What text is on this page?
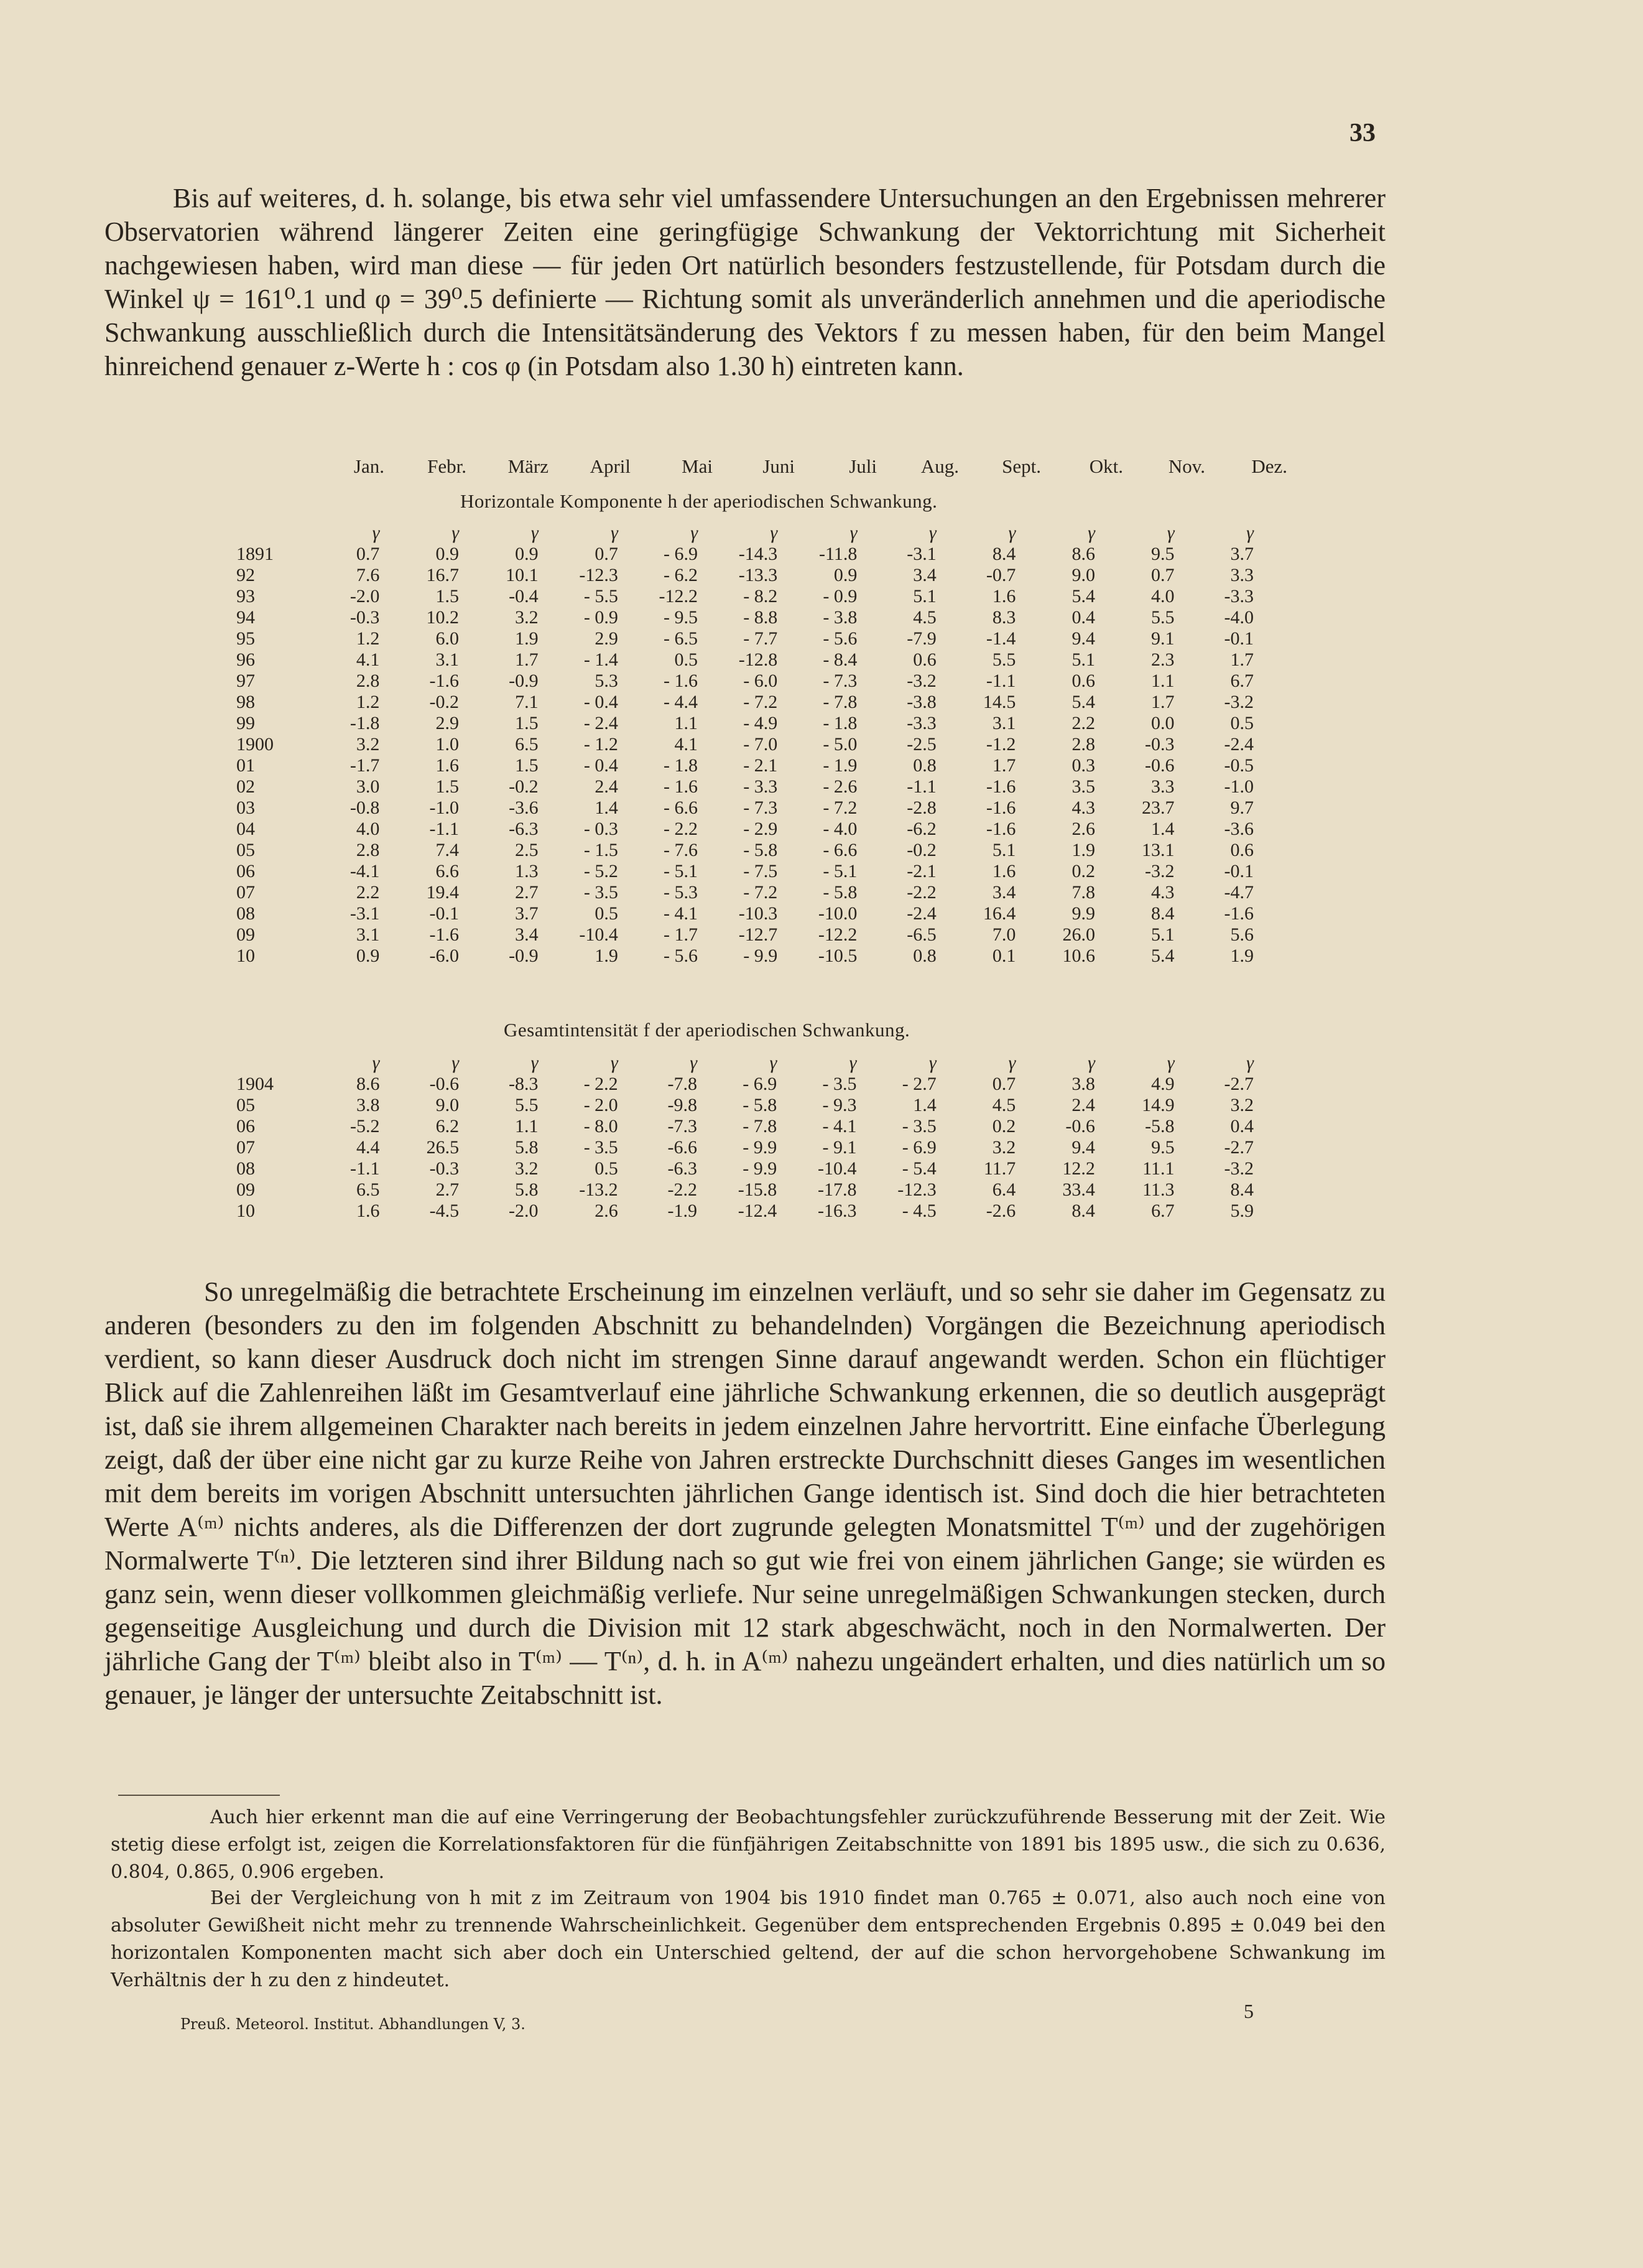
33

Bis auf weiteres, d. h. solange, bis etwa sehr viel umfassendere Untersuchungen an den Ergebnissen mehrerer Observatorien während längerer Zeiten eine geringfügige Schwankung der Vektorrichtung mit Sicherheit nachgewiesen haben, wird man diese — für jeden Ort natürlich besonders festzustellende, für Potsdam durch die Winkel ψ = 161⁰.1 und φ = 39⁰.5 definierte — Richtung somit als unveränderlich annehmen und die aperiodische Schwankung ausschließlich durch die Intensitätsänderung des Vektors f zu messen haben, für den beim Mangel hinreichend genauer z-Werte h : cos φ (in Potsdam also 1.30 h) eintreten kann.

	Jan.	Febr.	März	April	Mai	Juni	Juli	Aug.	Sept.	Okt.	Nov.	Dez.
Horizontale Komponente h der aperiodischen Schwankung.
	γ	γ	γ	γ	γ	γ	γ	γ	γ	γ	γ	γ
1891	0.7	0.9	0.9	0.7	- 6.9	-14.3	-11.8	-3.1	8.4	8.6	9.5	3.7
92	7.6	16.7	10.1	-12.3	- 6.2	-13.3	0.9	3.4	-0.7	9.0	0.7	3.3
93	-2.0	1.5	-0.4	- 5.5	-12.2	- 8.2	- 0.9	5.1	1.6	5.4	4.0	-3.3
94	-0.3	10.2	3.2	- 0.9	- 9.5	- 8.8	- 3.8	4.5	8.3	0.4	5.5	-4.0
95	1.2	6.0	1.9	2.9	- 6.5	- 7.7	- 5.6	-7.9	-1.4	9.4	9.1	-0.1
96	4.1	3.1	1.7	- 1.4	0.5	-12.8	- 8.4	0.6	5.5	5.1	2.3	1.7
97	2.8	-1.6	-0.9	5.3	- 1.6	- 6.0	- 7.3	-3.2	-1.1	0.6	1.1	6.7
98	1.2	-0.2	7.1	- 0.4	- 4.4	- 7.2	- 7.8	-3.8	14.5	5.4	1.7	-3.2
99	-1.8	2.9	1.5	- 2.4	1.1	- 4.9	- 1.8	-3.3	3.1	2.2	0.0	0.5
1900	3.2	1.0	6.5	- 1.2	4.1	- 7.0	- 5.0	-2.5	-1.2	2.8	-0.3	-2.4
01	-1.7	1.6	1.5	- 0.4	- 1.8	- 2.1	- 1.9	0.8	1.7	0.3	-0.6	-0.5
02	3.0	1.5	-0.2	2.4	- 1.6	- 3.3	- 2.6	-1.1	-1.6	3.5	3.3	-1.0
03	-0.8	-1.0	-3.6	1.4	- 6.6	- 7.3	- 7.2	-2.8	-1.6	4.3	23.7	9.7
04	4.0	-1.1	-6.3	- 0.3	- 2.2	- 2.9	- 4.0	-6.2	-1.6	2.6	1.4	-3.6
05	2.8	7.4	2.5	- 1.5	- 7.6	- 5.8	- 6.6	-0.2	5.1	1.9	13.1	0.6
06	-4.1	6.6	1.3	- 5.2	- 5.1	- 7.5	- 5.1	-2.1	1.6	0.2	-3.2	-0.1
07	2.2	19.4	2.7	- 3.5	- 5.3	- 7.2	- 5.8	-2.2	3.4	7.8	4.3	-4.7
08	-3.1	-0.1	3.7	0.5	- 4.1	-10.3	-10.0	-2.4	16.4	9.9	8.4	-1.6
09	3.1	-1.6	3.4	-10.4	- 1.7	-12.7	-12.2	-6.5	7.0	26.0	5.1	5.6
10	0.9	-6.0	-0.9	1.9	- 5.6	- 9.9	-10.5	0.8	0.1	10.6	5.4	1.9
Gesamtintensität f der aperiodischen Schwankung.
	γ	γ	γ	γ	γ	γ	γ	γ	γ	γ	γ	γ
1904	8.6	-0.6	-8.3	- 2.2	-7.8	- 6.9	- 3.5	- 2.7	0.7	3.8	4.9	-2.7
05	3.8	9.0	5.5	- 2.0	-9.8	- 5.8	- 9.3	1.4	4.5	2.4	14.9	3.2
06	-5.2	6.2	1.1	- 8.0	-7.3	- 7.8	- 4.1	- 3.5	0.2	-0.6	-5.8	0.4
07	4.4	26.5	5.8	- 3.5	-6.6	- 9.9	- 9.1	- 6.9	3.2	9.4	9.5	-2.7
08	-1.1	-0.3	3.2	0.5	-6.3	- 9.9	-10.4	- 5.4	11.7	12.2	11.1	-3.2
09	6.5	2.7	5.8	-13.2	-2.2	-15.8	-17.8	-12.3	6.4	33.4	11.3	8.4
10	1.6	-4.5	-2.0	2.6	-1.9	-12.4	-16.3	- 4.5	-2.6	8.4	6.7	5.9

So unregelmäßig die betrachtete Erscheinung im einzelnen verläuft, und so sehr sie daher im Gegensatz zu anderen (besonders zu den im folgenden Abschnitt zu behandelnden) Vorgängen die Bezeichnung aperiodisch verdient, so kann dieser Ausdruck doch nicht im strengen Sinne darauf angewandt werden. Schon ein flüchtiger Blick auf die Zahlenreihen läßt im Gesamtverlauf eine jährliche Schwankung erkennen, die so deutlich ausgeprägt ist, daß sie ihrem allgemeinen Charakter nach bereits in jedem einzelnen Jahre hervortritt. Eine einfache Überlegung zeigt, daß der über eine nicht gar zu kurze Reihe von Jahren erstreckte Durchschnitt dieses Ganges im wesentlichen mit dem bereits im vorigen Abschnitt untersuchten jährlichen Gange identisch ist. Sind doch die hier betrachteten Werte A⁽ᵐ⁾ nichts anderes, als die Differenzen der dort zugrunde gelegten Monatsmittel T⁽ᵐ⁾ und der zugehörigen Normalwerte T⁽ⁿ⁾. Die letzteren sind ihrer Bildung nach so gut wie frei von einem jährlichen Gange; sie würden es ganz sein, wenn dieser vollkommen gleichmäßig verliefe. Nur seine unregelmäßigen Schwankungen stecken, durch gegenseitige Ausgleichung und durch die Division mit 12 stark abgeschwächt, noch in den Normalwerten. Der jährliche Gang der T⁽ᵐ⁾ bleibt also in T⁽ᵐ⁾ — T⁽ⁿ⁾, d. h. in A⁽ᵐ⁾ nahezu ungeändert erhalten, und dies natürlich um so genauer, je länger der untersuchte Zeitabschnitt ist.

Auch hier erkennt man die auf eine Verringerung der Beobachtungsfehler zurückzuführende Besserung mit der Zeit. Wie stetig diese erfolgt ist, zeigen die Korrelationsfaktoren für die fünfjährigen Zeitabschnitte von 1891 bis 1895 usw., die sich zu 0.636, 0.804, 0.865, 0.906 ergeben.

Bei der Vergleichung von h mit z im Zeitraum von 1904 bis 1910 findet man 0.765 ± 0.071, also auch noch eine von absoluter Gewißheit nicht mehr zu trennende Wahrscheinlichkeit. Gegenüber dem entsprechenden Ergebnis 0.895 ± 0.049 bei den horizontalen Komponenten macht sich aber doch ein Unterschied geltend, der auf die schon hervorgehobene Schwankung im Verhältnis der h zu den z hindeutet.

Preuß. Meteorol. Institut. Abhandlungen V, 3.
5
